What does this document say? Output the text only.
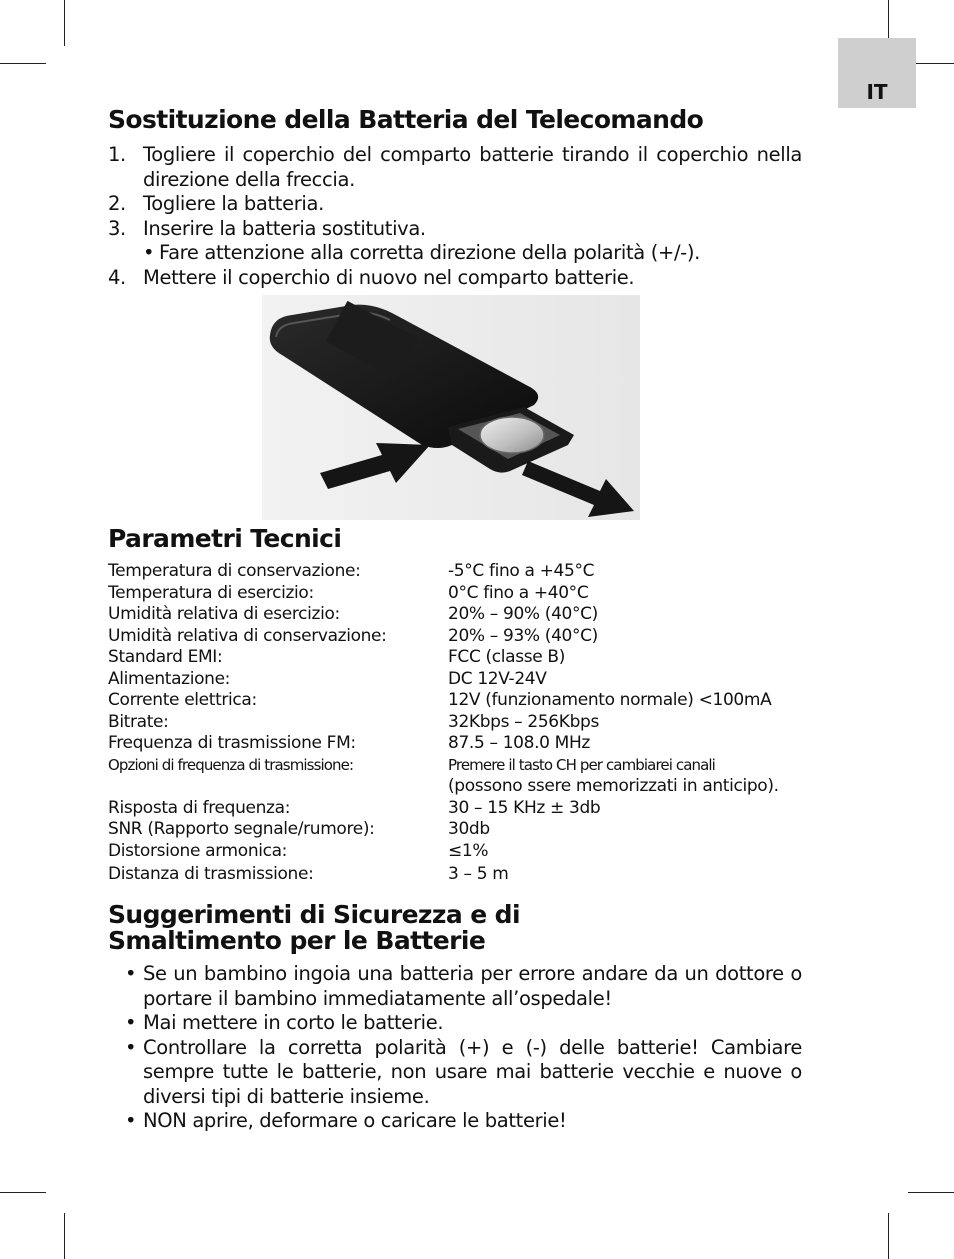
IT
Sostituzione della Batteria del Telecomando
1. Togliere il coperchio del comparto batterie tirando il coperchio nella direzione della freccia.
2. Togliere la batteria.
3. Inserire la batteria sostitutiva.
• Fare attenzione alla corretta direzione della polarità (+/-).
4. Mettere il coperchio di nuovo nel comparto batterie.
Parametri Tecnici
Temperatura di conservazione:	-5°C fino a +45°C
Temperatura di esercizio:	0°C fino a +40°C
Umidità relativa di esercizio:	20% – 90% (40°C)
Umidità relativa di conservazione:	20% – 93% (40°C)
Standard EMI:	FCC (classe B)
Alimentazione:	DC 12V-24V
Corrente elettrica:	12V (funzionamento normale) <100mA
Bitrate:	32Kbps – 256Kbps
Frequenza di trasmissione FM:	87.5 – 108.0 MHz
Opzioni di frequenza di trasmissione:	Premere il tasto CH per cambiarei canali
(possono ssere memorizzati in anticipo).
Risposta di frequenza:	30 – 15 KHz ± 3db
SNR (Rapporto segnale/rumore):	30db
Distorsione armonica:	≤1%
Distanza di trasmissione:	3 – 5 m
Suggerimenti di Sicurezza e di
Smaltimento per le Batterie
• Se un bambino ingoia una batteria per errore andare da un dottore o portare il bambino immediatamente all’ospedale!
• Mai mettere in corto le batterie.
• Controllare la corretta polarità (+) e (-) delle batterie! Cambiare sempre tutte le batterie, non usare mai batterie vecchie e nuove o diversi tipi di batterie insieme.
• NON aprire, deformare o caricare le batterie!
